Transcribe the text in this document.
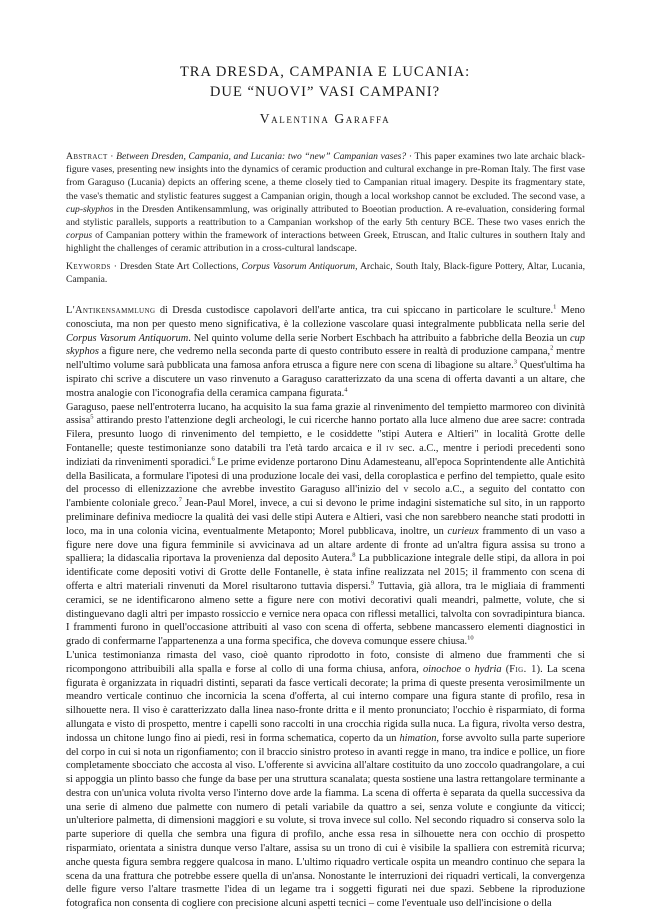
TRA DRESDA, CAMPANIA E LUCANIA:
DUE “NUOVI” VASI CAMPANI?
Valentina Garaffa
Abstract · Between Dresden, Campania, and Lucania: two “new” Campanian vases? · This paper examines two late archaic black-figure vases, presenting new insights into the dynamics of ceramic production and cultural exchange in pre-Roman Italy. The first vase from Garaguso (Lucania) depicts an offering scene, a theme closely tied to Campanian ritual imagery. Despite its fragmentary state, the vase's thematic and stylistic features suggest a Campanian origin, though a local workshop cannot be excluded. The second vase, a cup-skyphos in the Dresden Antikensammlung, was originally attributed to Boeotian production. A re-evaluation, considering formal and stylistic parallels, supports a reattribution to a Campanian workshop of the early 5th century BCE. These two vases enrich the corpus of Campanian pottery within the framework of interactions between Greek, Etruscan, and Italic cultures in southern Italy and highlight the challenges of ceramic attribution in a cross-cultural landscape.
Keywords · Dresden State Art Collections, Corpus Vasorum Antiquorum, Archaic, South Italy, Black-figure Pottery, Altar, Lucania, Campania.

L'Antikensammlung di Dresda custodisce capolavori dell'arte antica, tra cui spiccano in particolare le sculture.$^1$ Meno conosciuta, ma non per questo meno significativa, è la collezione vascolare quasi integralmente pubblicata nella serie del Corpus Vasorum Antiquorum. Nel quinto volume della serie Norbert Eschbach ha attribuito a fabbriche della Beozia un cup skyphos a figure nere, che vedremo nella seconda parte di questo contributo essere in realtà di produzione campana,$^2$ mentre nell'ultimo volume sarà pubblicata una famosa anfora etrusca a figure nere con scena di libagione su altare.$^3$ Quest'ultima ha ispirato chi scrive a discutere un vaso rinvenuto a Garaguso caratterizzato da una scena di offerta davanti a un altare, che mostra analogie con l'iconografia della ceramica campana figurata.$^4$

Garaguso, paese nell'entroterra lucano, ha acquisito la sua fama grazie al rinvenimento del tempietto marmoreo con divinità assisa$^5$ attirando presto l'attenzione degli archeologi, le cui ricerche hanno portato alla luce almeno due aree sacre: contrada Filera, presunto luogo di rinvenimento del tempietto, e le cosiddette "stipi Autera e Altieri" in località Grotte delle Fontanelle; queste testimonianze sono databili tra l'età tardo arcaica e il iv sec. a.C., mentre i periodi precedenti sono indiziati da rinvenimenti sporadici.$^6$ Le prime evidenze portarono Dinu Adamesteanu, all'epoca Soprintendente alle Antichità della Basilicata, a formulare l'ipotesi di una produzione locale dei vasi, della coroplastica e perfino del tempietto, quale esito del processo di ellenizzazione che avrebbe investito Garaguso all'inizio del v secolo a.C., a seguito del contatto con l'ambiente coloniale greco.$^7$ Jean-Paul Morel, invece, a cui si devono le prime indagini sistematiche sul sito, in un rapporto preliminare definiva mediocre la qualità dei vasi delle stipi Autera e Altieri, vasi che non sarebbero neanche stati prodotti in loco, ma in una colonia vicina, eventualmente Metaponto; Morel pubblicava, inoltre, un curieux frammento di un vaso a figure nere dove una figura femminile si avvicinava ad un altare ardente di fronte ad un'altra figura assisa su trono a spalliera; la didascalia riportava la provenienza dal deposito Autera.$^8$ La pubblicazione integrale delle stipi, da allora in poi identificate come depositi votivi di Grotte delle Fontanelle, è stata infine realizzata nel 2015; il frammento con scena di offerta e altri materiali rinvenuti da Morel risultarono tuttavia dispersi.$^9$ Tuttavia, già allora, tra le migliaia di frammenti ceramici, se ne identificarono almeno sette a figure nere con motivi decorativi quali meandri, palmette, volute, che si distinguevano dagli altri per impasto rossiccio e vernice nera opaca con riflessi metallici, talvolta con sovradipintura bianca. I frammenti furono in quell'occasione attribuiti al vaso con scena di offerta, sebbene mancassero elementi diagnostici in grado di confermarne l'appartenenza a una forma specifica, che doveva comunque essere chiusa.$^{10}$

L'unica testimonianza rimasta del vaso, cioè quanto riprodotto in foto, consiste di almeno due frammenti che si ricompongono attribuibili alla spalla e forse al collo di una forma chiusa, anfora, oinochoe o hydria (Fig. 1). La scena figurata è organizzata in riquadri distinti, separati da fasce verticali decorate; la prima di queste presenta verosimilmente un meandro verticale continuo che incornicia la scena d'offerta, al cui interno compare una figura stante di profilo, resa in silhouette nera. Il viso è caratterizzato dalla linea naso-fronte dritta e il mento pronunciato; l'occhio è risparmiato, di forma allungata e visto di prospetto, mentre i capelli sono raccolti in una crocchia rigida sulla nuca. La figura, rivolta verso destra, indossa un chitone lungo fino ai piedi, resi in forma schematica, coperto da un himation, forse avvolto sulla parte superiore del corpo in cui si nota un rigonfiamento; con il braccio sinistro proteso in avanti regge in mano, tra indice e pollice, un fiore completamente sbocciato che accosta al viso. L'offerente si avvicina all'altare costituito da uno zoccolo quadrangolare, a cui si appoggia un plinto basso che funge da base per una struttura scanalata; questa sostiene una lastra rettangolare terminante a destra con un'unica voluta rivolta verso l'interno dove arde la fiamma. La scena di offerta è separata da quella successiva da una serie di almeno due palmette con numero di petali variabile da quattro a sei, senza volute e congiunte da viticci; un'ulteriore palmetta, di dimensioni maggiori e su volute, si trova invece sul collo. Nel secondo riquadro si conserva solo la parte superiore di quella che sembra una figura di profilo, anche essa resa in silhouette nera con occhio di prospetto risparmiato, orientata a sinistra dunque verso l'altare, assisa su un trono di cui è visibile la spalliera con estremità ricurva; anche questa figura sembra reggere qualcosa in mano. L'ultimo riquadro verticale ospita un meandro continuo che separa la scena da una frattura che potrebbe essere quella di un'ansa. Nonostante le interruzioni dei riquadri verticali, la convergenza delle figure verso l'altare trasmette l'idea di un legame tra i soggetti figurati nei due spazi. Sebbene la riproduzione fotografica non consenta di cogliere con precisione alcuni aspetti tecnici – come l'eventuale uso dell'incisione o della
